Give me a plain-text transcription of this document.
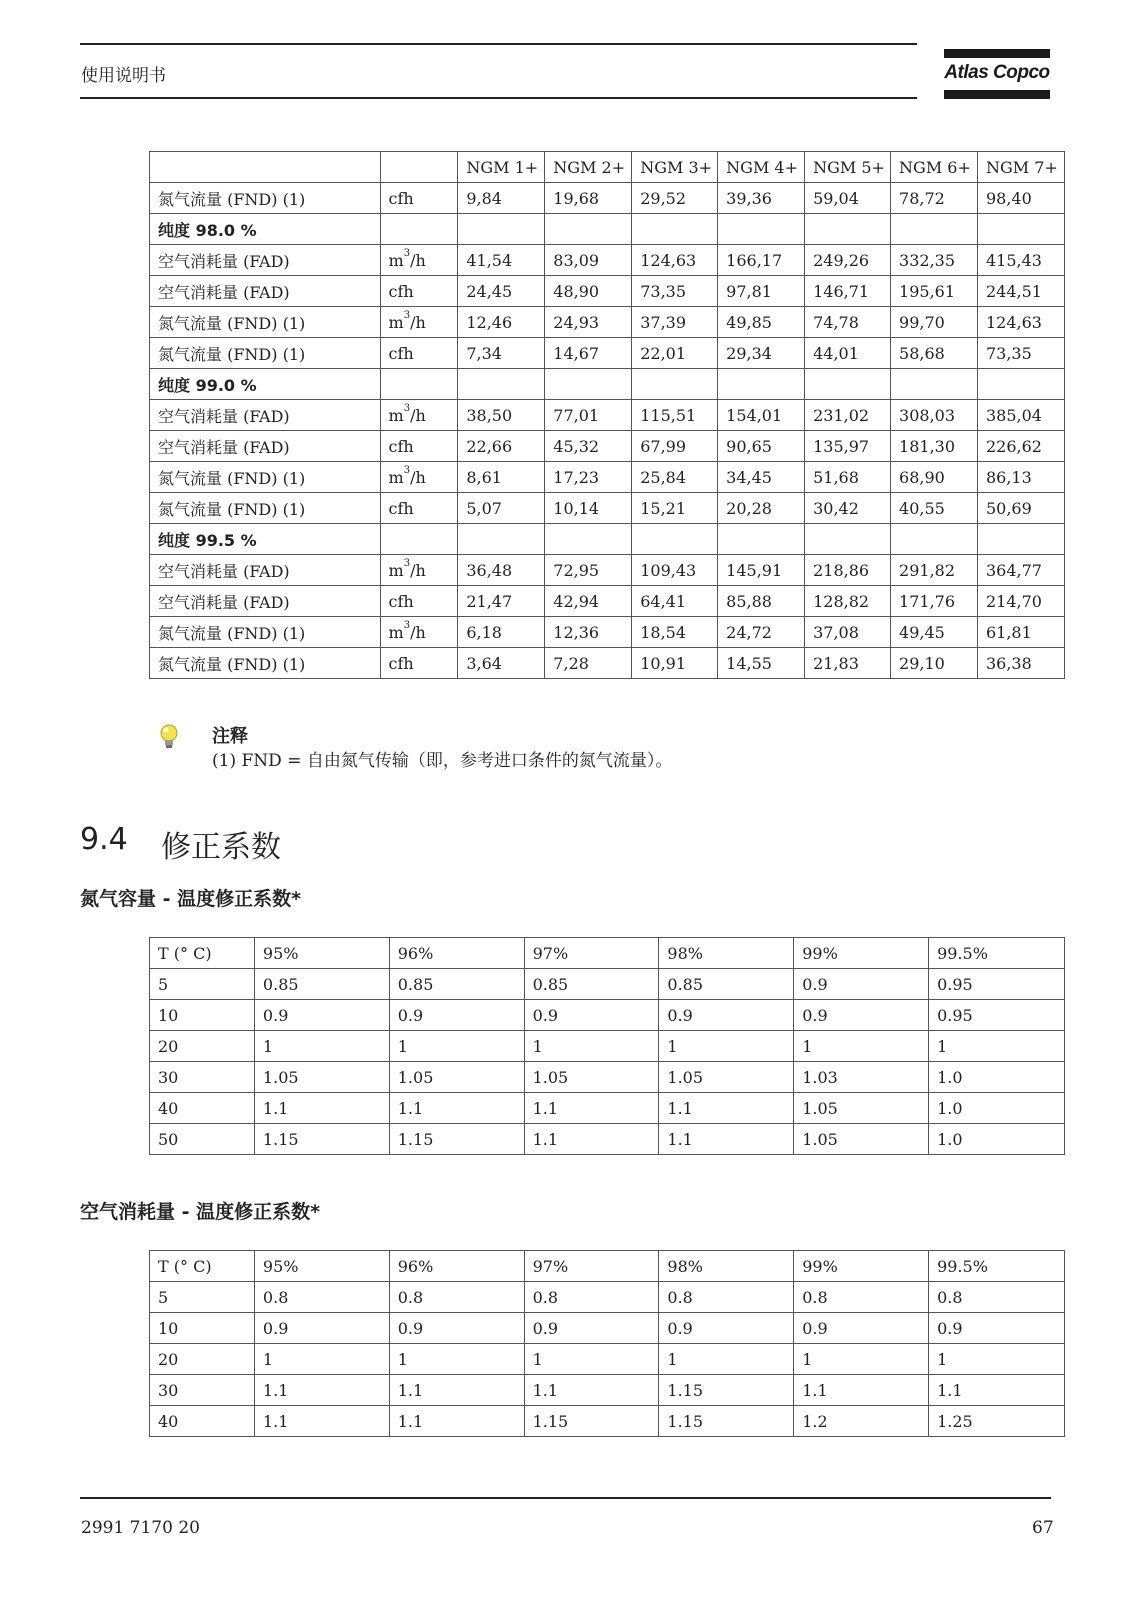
使用说明书	Atlas Copco
		NGM 1+	NGM 2+	NGM 3+	NGM 4+	NGM 5+	NGM 6+	NGM 7+
氮气流量 (FND) (1)	cfh	9,84	19,68	29,52	39,36	59,04	78,72	98,40
纯度 98.0 %								
空气消耗量 (FAD)	$m^3/h$	41,54	83,09	124,63	166,17	249,26	332,35	415,43
空气消耗量 (FAD)	cfh	24,45	48,90	73,35	97,81	146,71	195,61	244,51
氮气流量 (FND) (1)	$m^3/h$	12,46	24,93	37,39	49,85	74,78	99,70	124,63
氮气流量 (FND) (1)	cfh	7,34	14,67	22,01	29,34	44,01	58,68	73,35
纯度 99.0 %								
空气消耗量 (FAD)	$m^3/h$	38,50	77,01	115,51	154,01	231,02	308,03	385,04
空气消耗量 (FAD)	cfh	22,66	45,32	67,99	90,65	135,97	181,30	226,62
氮气流量 (FND) (1)	$m^3/h$	8,61	17,23	25,84	34,45	51,68	68,90	86,13
氮气流量 (FND) (1)	cfh	5,07	10,14	15,21	20,28	30,42	40,55	50,69
纯度 99.5 %								
空气消耗量 (FAD)	$m^3/h$	36,48	72,95	109,43	145,91	218,86	291,82	364,77
空气消耗量 (FAD)	cfh	21,47	42,94	64,41	85,88	128,82	171,76	214,70
氮气流量 (FND) (1)	$m^3/h$	6,18	12,36	18,54	24,72	37,08	49,45	61,81
氮气流量 (FND) (1)	cfh	3,64	7,28	10,91	14,55	21,83	29,10	36,38
注释
(1) FND = 自由氮气传输（即，参考进口条件的氮气流量）。
9.4 修正系数
氮气容量 - 温度修正系数*
T (° C)	95%	96%	97%	98%	99%	99.5%
5	0.85	0.85	0.85	0.85	0.9	0.95
10	0.9	0.9	0.9	0.9	0.9	0.95
20	1	1	1	1	1	1
30	1.05	1.05	1.05	1.05	1.03	1.0
40	1.1	1.1	1.1	1.1	1.05	1.0
50	1.15	1.15	1.1	1.1	1.05	1.0
空气消耗量 - 温度修正系数*
T (° C)	95%	96%	97%	98%	99%	99.5%
5	0.8	0.8	0.8	0.8	0.8	0.8
10	0.9	0.9	0.9	0.9	0.9	0.9
20	1	1	1	1	1	1
30	1.1	1.1	1.1	1.15	1.1	1.1
40	1.1	1.1	1.15	1.15	1.2	1.25
2991 7170 20	67
